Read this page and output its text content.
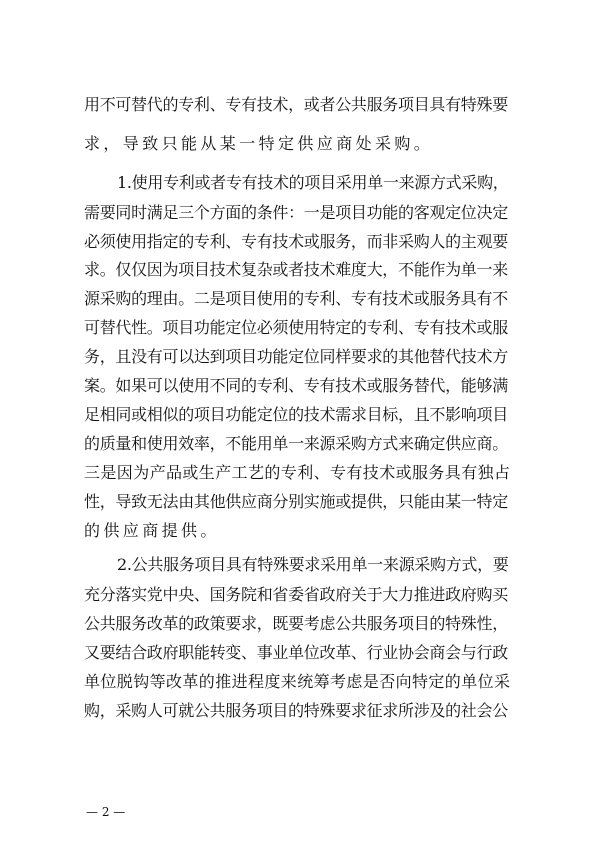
用不可替代的专利、专有技术，或者公共服务项目具有特殊要
求，导致只能从某一特定供应商处采购。
1.使用专利或者专有技术的项目采用单一来源方式采购，
需要同时满足三个方面的条件：一是项目功能的客观定位决定
必须使用指定的专利、专有技术或服务，而非采购人的主观要
求。仅仅因为项目技术复杂或者技术难度大，不能作为单一来
源采购的理由。二是项目使用的专利、专有技术或服务具有不
可替代性。项目功能定位必须使用特定的专利、专有技术或服
务，且没有可以达到项目功能定位同样要求的其他替代技术方
案。如果可以使用不同的专利、专有技术或服务替代，能够满
足相同或相似的项目功能定位的技术需求目标，且不影响项目
的质量和使用效率，不能用单一来源采购方式来确定供应商。
三是因为产品或生产工艺的专利、专有技术或服务具有独占
性，导致无法由其他供应商分别实施或提供，只能由某一特定
的供应商提供。
2.公共服务项目具有特殊要求采用单一来源采购方式，要
充分落实党中央、国务院和省委省政府关于大力推进政府购买
公共服务改革的政策要求，既要考虑公共服务项目的特殊性，
又要结合政府职能转变、事业单位改革、行业协会商会与行政
单位脱钩等改革的推进程度来统筹考虑是否向特定的单位采
购，采购人可就公共服务项目的特殊要求征求所涉及的社会公
— 2 —
